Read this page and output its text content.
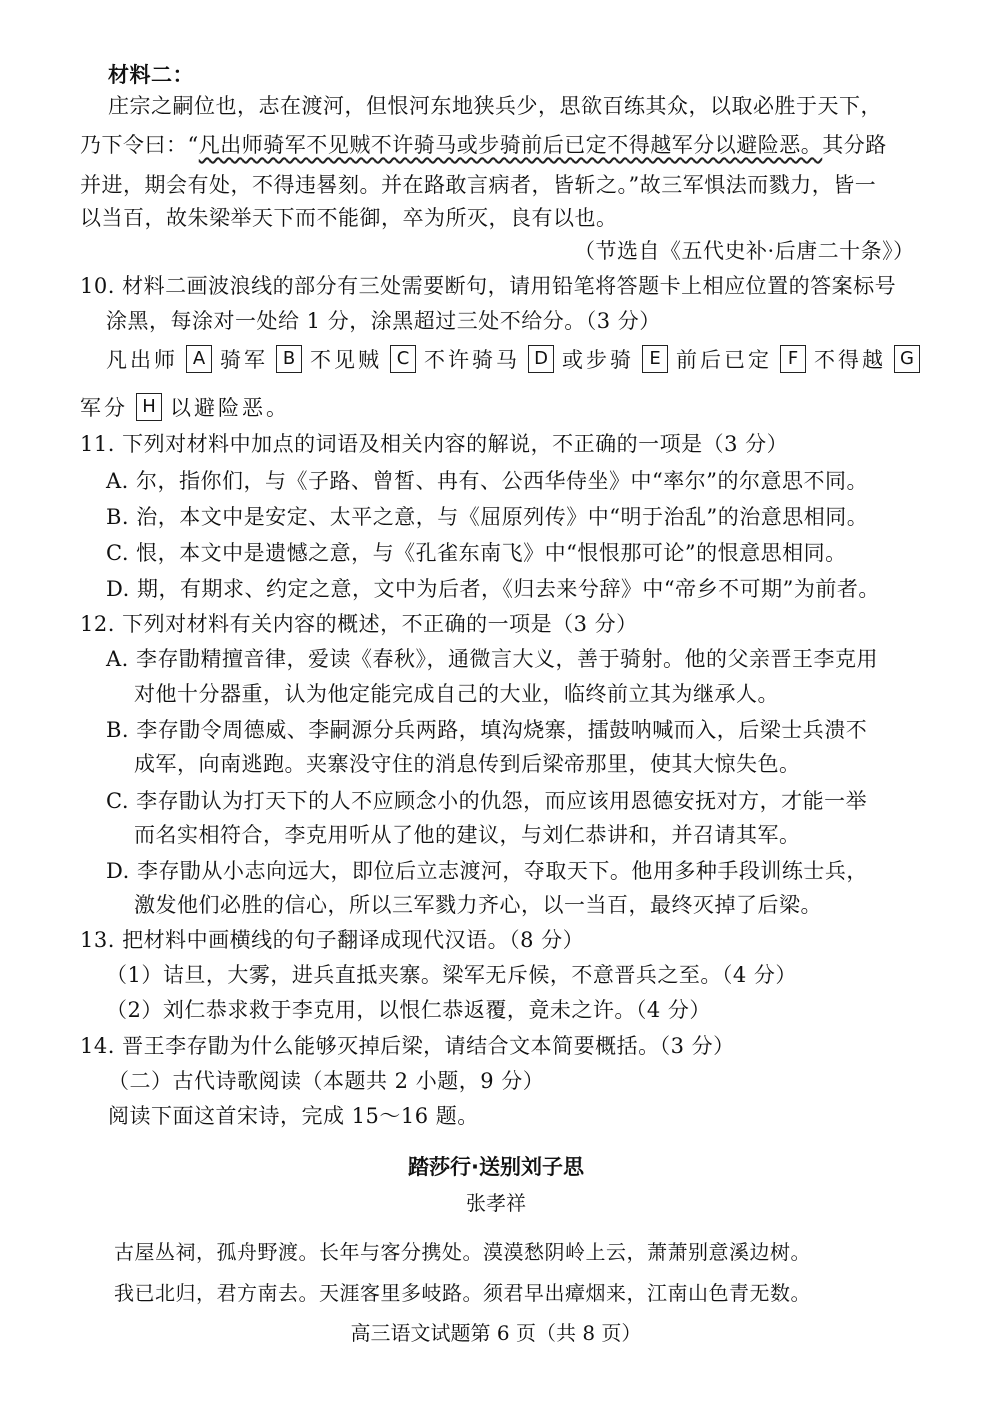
材料二：
庄宗之嗣位也，志在渡河，但恨河东地狭兵少，思欲百练其众，以取必胜于天下，
乃下令曰：“凡出师骑军不见贼不许骑马或步骑前后已定不得越军分以避险恶。其分路
并进，期会有处，不得违晷刻。并在路敢言病者，皆斩之。”故三军惧法而戮力，皆一
以当百，故朱梁举天下而不能御，卒为所灭，良有以也。
（节选自《五代史补·后唐二十条》）
10. 材料二画波浪线的部分有三处需要断句，请用铅笔将答题卡上相应位置的答案标号
涂黑，每涂对一处给 1 分，涂黑超过三处不给分。（3 分）
凡出师 A 骑军 B 不见贼 C 不许骑马 D 或步骑 E 前后已定 F 不得越 G
军分 H 以避险恶。
11. 下列对材料中加点的词语及相关内容的解说，不正确的一项是（3 分）
A. 尔，指你们，与《子路、曾皙、冉有、公西华侍坐》中“率尔”的尔意思不同。
B. 治，本文中是安定、太平之意，与《屈原列传》中“明于治乱”的治意思相同。
C. 恨，本文中是遗憾之意，与《孔雀东南飞》中“恨恨那可论”的恨意思相同。
D. 期，有期求、约定之意，文中为后者，《归去来兮辞》中“帝乡不可期”为前者。
12. 下列对材料有关内容的概述，不正确的一项是（3 分）
A. 李存勖精擅音律，爱读《春秋》，通微言大义，善于骑射。他的父亲晋王李克用
对他十分器重，认为他定能完成自己的大业，临终前立其为继承人。
B. 李存勖令周德威、李嗣源分兵两路，填沟烧寨，擂鼓呐喊而入，后梁士兵溃不
成军，向南逃跑。夹寨没守住的消息传到后梁帝那里，使其大惊失色。
C. 李存勖认为打天下的人不应顾念小的仇怨，而应该用恩德安抚对方，才能一举
而名实相符合，李克用听从了他的建议，与刘仁恭讲和，并召请其军。
D. 李存勖从小志向远大，即位后立志渡河，夺取天下。他用多种手段训练士兵，
激发他们必胜的信心，所以三军戮力齐心，以一当百，最终灭掉了后梁。
13. 把材料中画横线的句子翻译成现代汉语。（8 分）
（1）诘旦，大雾，进兵直抵夹寨。梁军无斥候，不意晋兵之至。（4 分）
（2）刘仁恭求救于李克用，以恨仁恭返覆，竟未之许。（4 分）
14. 晋王李存勖为什么能够灭掉后梁，请结合文本简要概括。（3 分）
（二）古代诗歌阅读（本题共 2 小题，9 分）
阅读下面这首宋诗，完成 15～16 题。
踏莎行·送别刘子思
张孝祥
古屋丛祠，孤舟野渡。长年与客分携处。漠漠愁阴岭上云，萧萧别意溪边树。
我已北归，君方南去。天涯客里多岐路。须君早出瘴烟来，江南山色青无数。
高三语文试题第 6 页（共 8 页）
